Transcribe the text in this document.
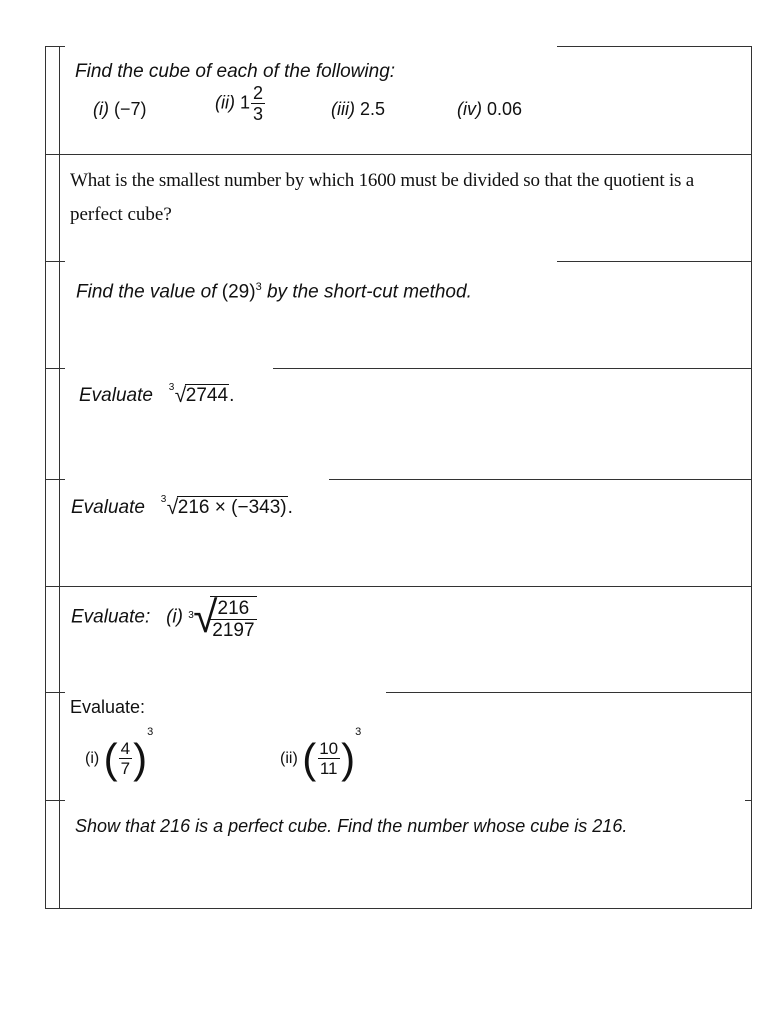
Find the cube of each of the following:
(i) (−7)	(ii) $1 \frac{2}{3}$	(iii) 2.5	(iv) 0.06
What is the smallest number by which 1600 must be divided so that the quotient is a
perfect cube?
Find the value of $(29)^3$ by the short-cut method.
Evaluate 3 √ 2744.
Evaluate 3 √ 216 × (−343).
Evaluate: (i) 3 √
$\frac{216}{2197}$
Evaluate:
(i) ( $\frac{4}{7} )^3$
(ii) ( $\frac{10}{11} )^3$
Show that 216 is a perfect cube. Find the number whose cube is 216.
